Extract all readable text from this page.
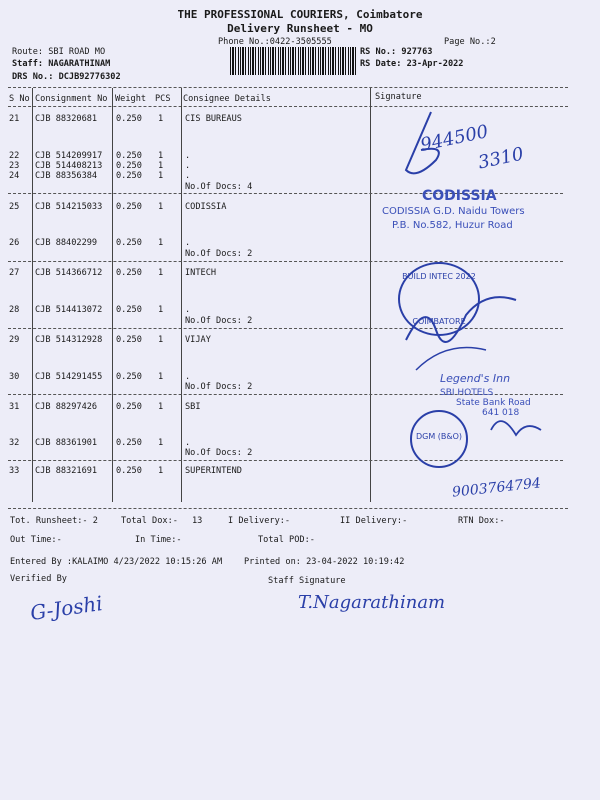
THE PROFESSIONAL COURIERS, Coimbatore
Delivery Runsheet - MO
Phone No.:0422-3505555	Page No.:2
Route: SBI ROAD MO
Staff: NAGARATHINAM
DRS No.: DCJB92776302
RS No.: 927763
RS Date: 23-Apr-2022
S No Consignment No Weight PCS Consignee Details	Signature
21 CJB 88320681 0.250 1	CIS BUREAUS
22 CJB 514209917 0.250 1	.
23 CJB 514408213 0.250 1	.
24 CJB 88356384 0.250 1	.
No.Of Docs: 4
25 CJB 514215033 0.250 1	CODISSIA
26 CJB 88402299 0.250 1	.
No.Of Docs: 2
27 CJB 514366712 0.250 1	INTECH
28 CJB 514413072 0.250 1	.
No.Of Docs: 2
29 CJB 514312928 0.250 1	VIJAY
30 CJB 514291455 0.250 1	.
No.Of Docs: 2
31 CJB 88297426 0.250 1	SBI
32 CJB 88361901 0.250 1	.
No.Of Docs: 2
33 CJB 88321691 0.250 1	SUPERINTEND
Tot. Runsheet:- 2	Total Dox:- 13	I Delivery:-	II Delivery:-	RTN Dox:-
Out Time:-	In Time:-	Total POD:-
Entered By :KALAIMO 4/23/2022 10:15:26 AM	Printed on: 23-04-2022 10:19:42
Verified By	Staff Signature
944500
3310
CODISSIA
CODISSIA G.D. Naidu Towers
P.B. No.582, Huzur Road
BUILD INTEC 2022
COIMBATORE
Legend's Inn
SBI HOTELS
State Bank Road
641 018
DGM (B&O)
9003764794
G-Joshi	T.Nagarathinam
